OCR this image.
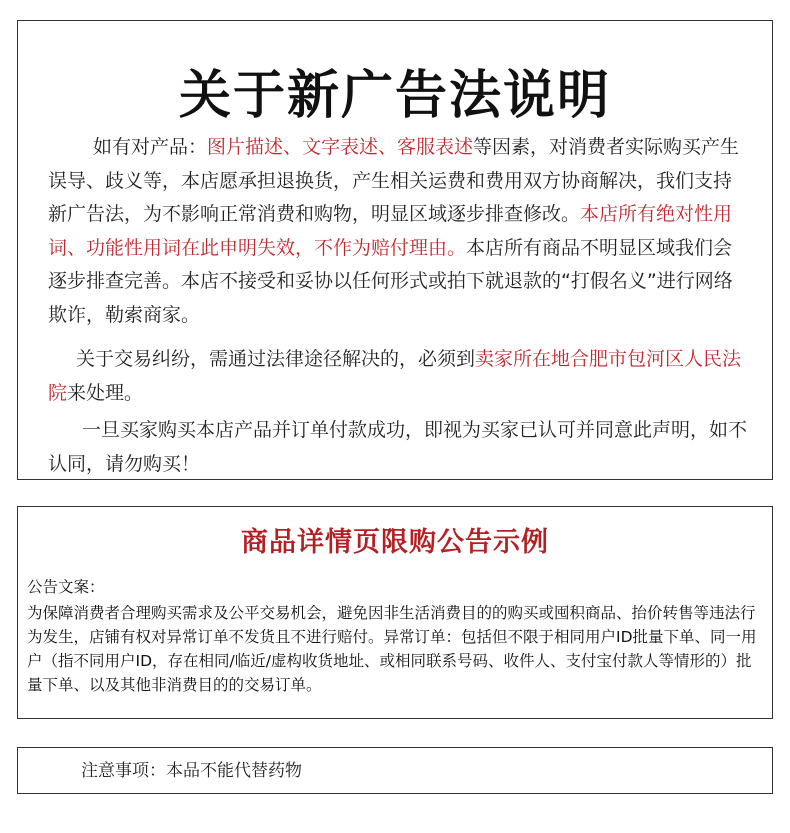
关于新广告法说明

如有对产品：图片描述、文字表述、客服表述等因素，对消费者实际购买产生误导、歧义等，本店愿承担退换货，产生相关运费和费用双方协商解决，我们支持新广告法，为不影响正常消费和购物，明显区域逐步排查修改。本店所有绝对性用词、功能性用词在此申明失效，不作为赔付理由。本店所有商品不明显区域我们会逐步排查完善。本店不接受和妥协以任何形式或拍下就退款的“打假名义”进行网络欺诈，勒索商家。

关于交易纠纷，需通过法律途径解决的，必须到卖家所在地合肥市包河区人民法院来处理。

一旦买家购买本店产品并订单付款成功，即视为买家已认可并同意此声明，如不认同，请勿购买！

商品详情页限购公告示例

公告文案：

为保障消费者合理购买需求及公平交易机会，避免因非生活消费目的的购买或囤积商品、抬价转售等违法行为发生，店铺有权对异常订单不发货且不进行赔付。异常订单：包括但不限于相同用户ID批量下单、同一用户（指不同用户ID，存在相同/临近/虚构收货地址、或相同联系号码、收件人、支付宝付款人等情形的）批量下单、以及其他非消费目的的交易订单。

注意事项：本品不能代替药物
